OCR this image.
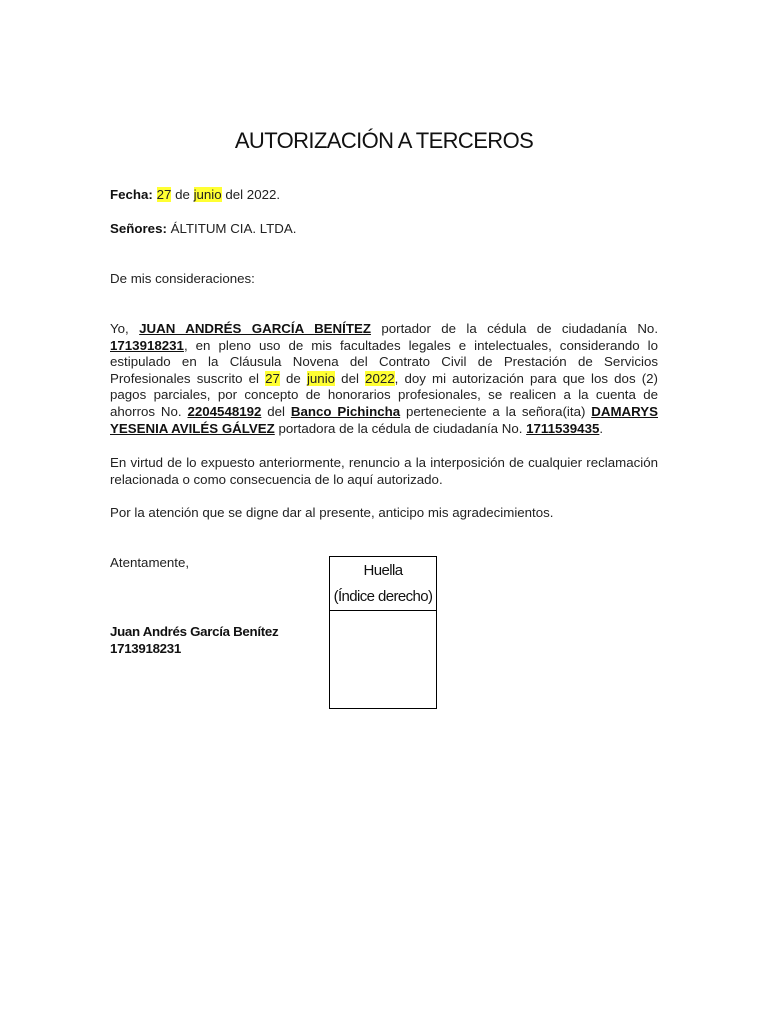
AUTORIZACIÓN A TERCEROS
Fecha: 27 de junio del 2022.
Señores: ÁLTITUM CIA. LTDA.
De mis consideraciones:
Yo, JUAN ANDRÉS GARCÍA BENÍTEZ portador de la cédula de ciudadanía No. 1713918231, en pleno uso de mis facultades legales e intelectuales, considerando lo estipulado en la Cláusula Novena del Contrato Civil de Prestación de Servicios Profesionales suscrito el 27 de junio del 2022, doy mi autorización para que los dos (2) pagos parciales, por concepto de honorarios profesionales, se realicen a la cuenta de ahorros No. 2204548192 del Banco Pichincha perteneciente a la señora(ita) DAMARYS YESENIA AVILÉS GÁLVEZ portadora de la cédula de ciudadanía No. 1711539435.
En virtud de lo expuesto anteriormente, renuncio a la interposición de cualquier reclamación relacionada o como consecuencia de lo aquí autorizado.
Por la atención que se digne dar al presente, anticipo mis agradecimientos.
Atentamente,
Juan Andrés García Benítez
1713918231
Huella
(Índice derecho)
